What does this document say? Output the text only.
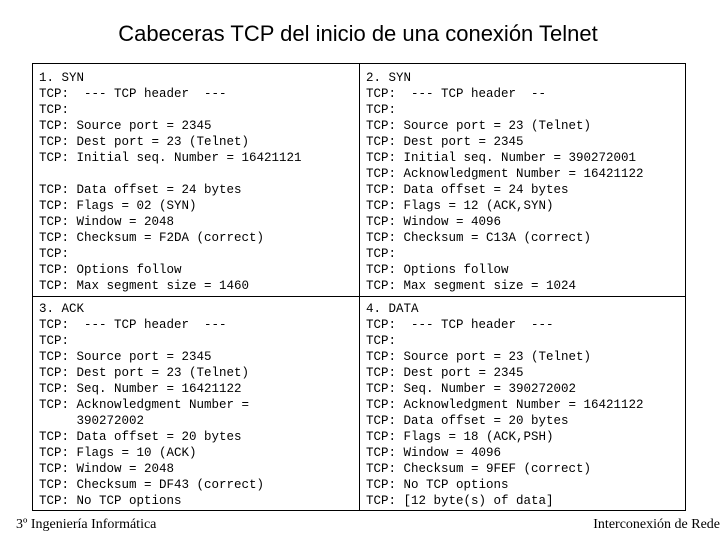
Cabeceras TCP del inicio de una conexión Telnet
1. SYN
TCP:  --- TCP header  ---
TCP:
TCP: Source port = 2345
TCP: Dest port = 23 (Telnet)
TCP: Initial seq. Number = 16421121

TCP: Data offset = 24 bytes
TCP: Flags = 02 (SYN)
TCP: Window = 2048
TCP: Checksum = F2DA (correct)
TCP:
TCP: Options follow
TCP: Max segment size = 1460
2. SYN
TCP:  --- TCP header  --
TCP:
TCP: Source port = 23 (Telnet)
TCP: Dest port = 2345
TCP: Initial seq. Number = 390272001
TCP: Acknowledgment Number = 16421122
TCP: Data offset = 24 bytes
TCP: Flags = 12 (ACK,SYN)
TCP: Window = 4096
TCP: Checksum = C13A (correct)
TCP:
TCP: Options follow
TCP: Max segment size = 1024
3. ACK
TCP:  --- TCP header  ---
TCP:
TCP: Source port = 2345
TCP: Dest port = 23 (Telnet)
TCP: Seq. Number = 16421122
TCP: Acknowledgment Number =
390272002
TCP: Data offset = 20 bytes
TCP: Flags = 10 (ACK)
TCP: Window = 2048
TCP: Checksum = DF43 (correct)
TCP: No TCP options
4. DATA
TCP:  --- TCP header  ---
TCP:
TCP: Source port = 23 (Telnet)
TCP: Dest port = 2345
TCP: Seq. Number = 390272002
TCP: Acknowledgment Number = 16421122
TCP: Data offset = 20 bytes
TCP: Flags = 18 (ACK,PSH)
TCP: Window = 4096
TCP: Checksum = 9FEF (correct)
TCP: No TCP options
TCP: [12 byte(s) of data]
3º Ingeniería Informática	Interconexión de Rede
